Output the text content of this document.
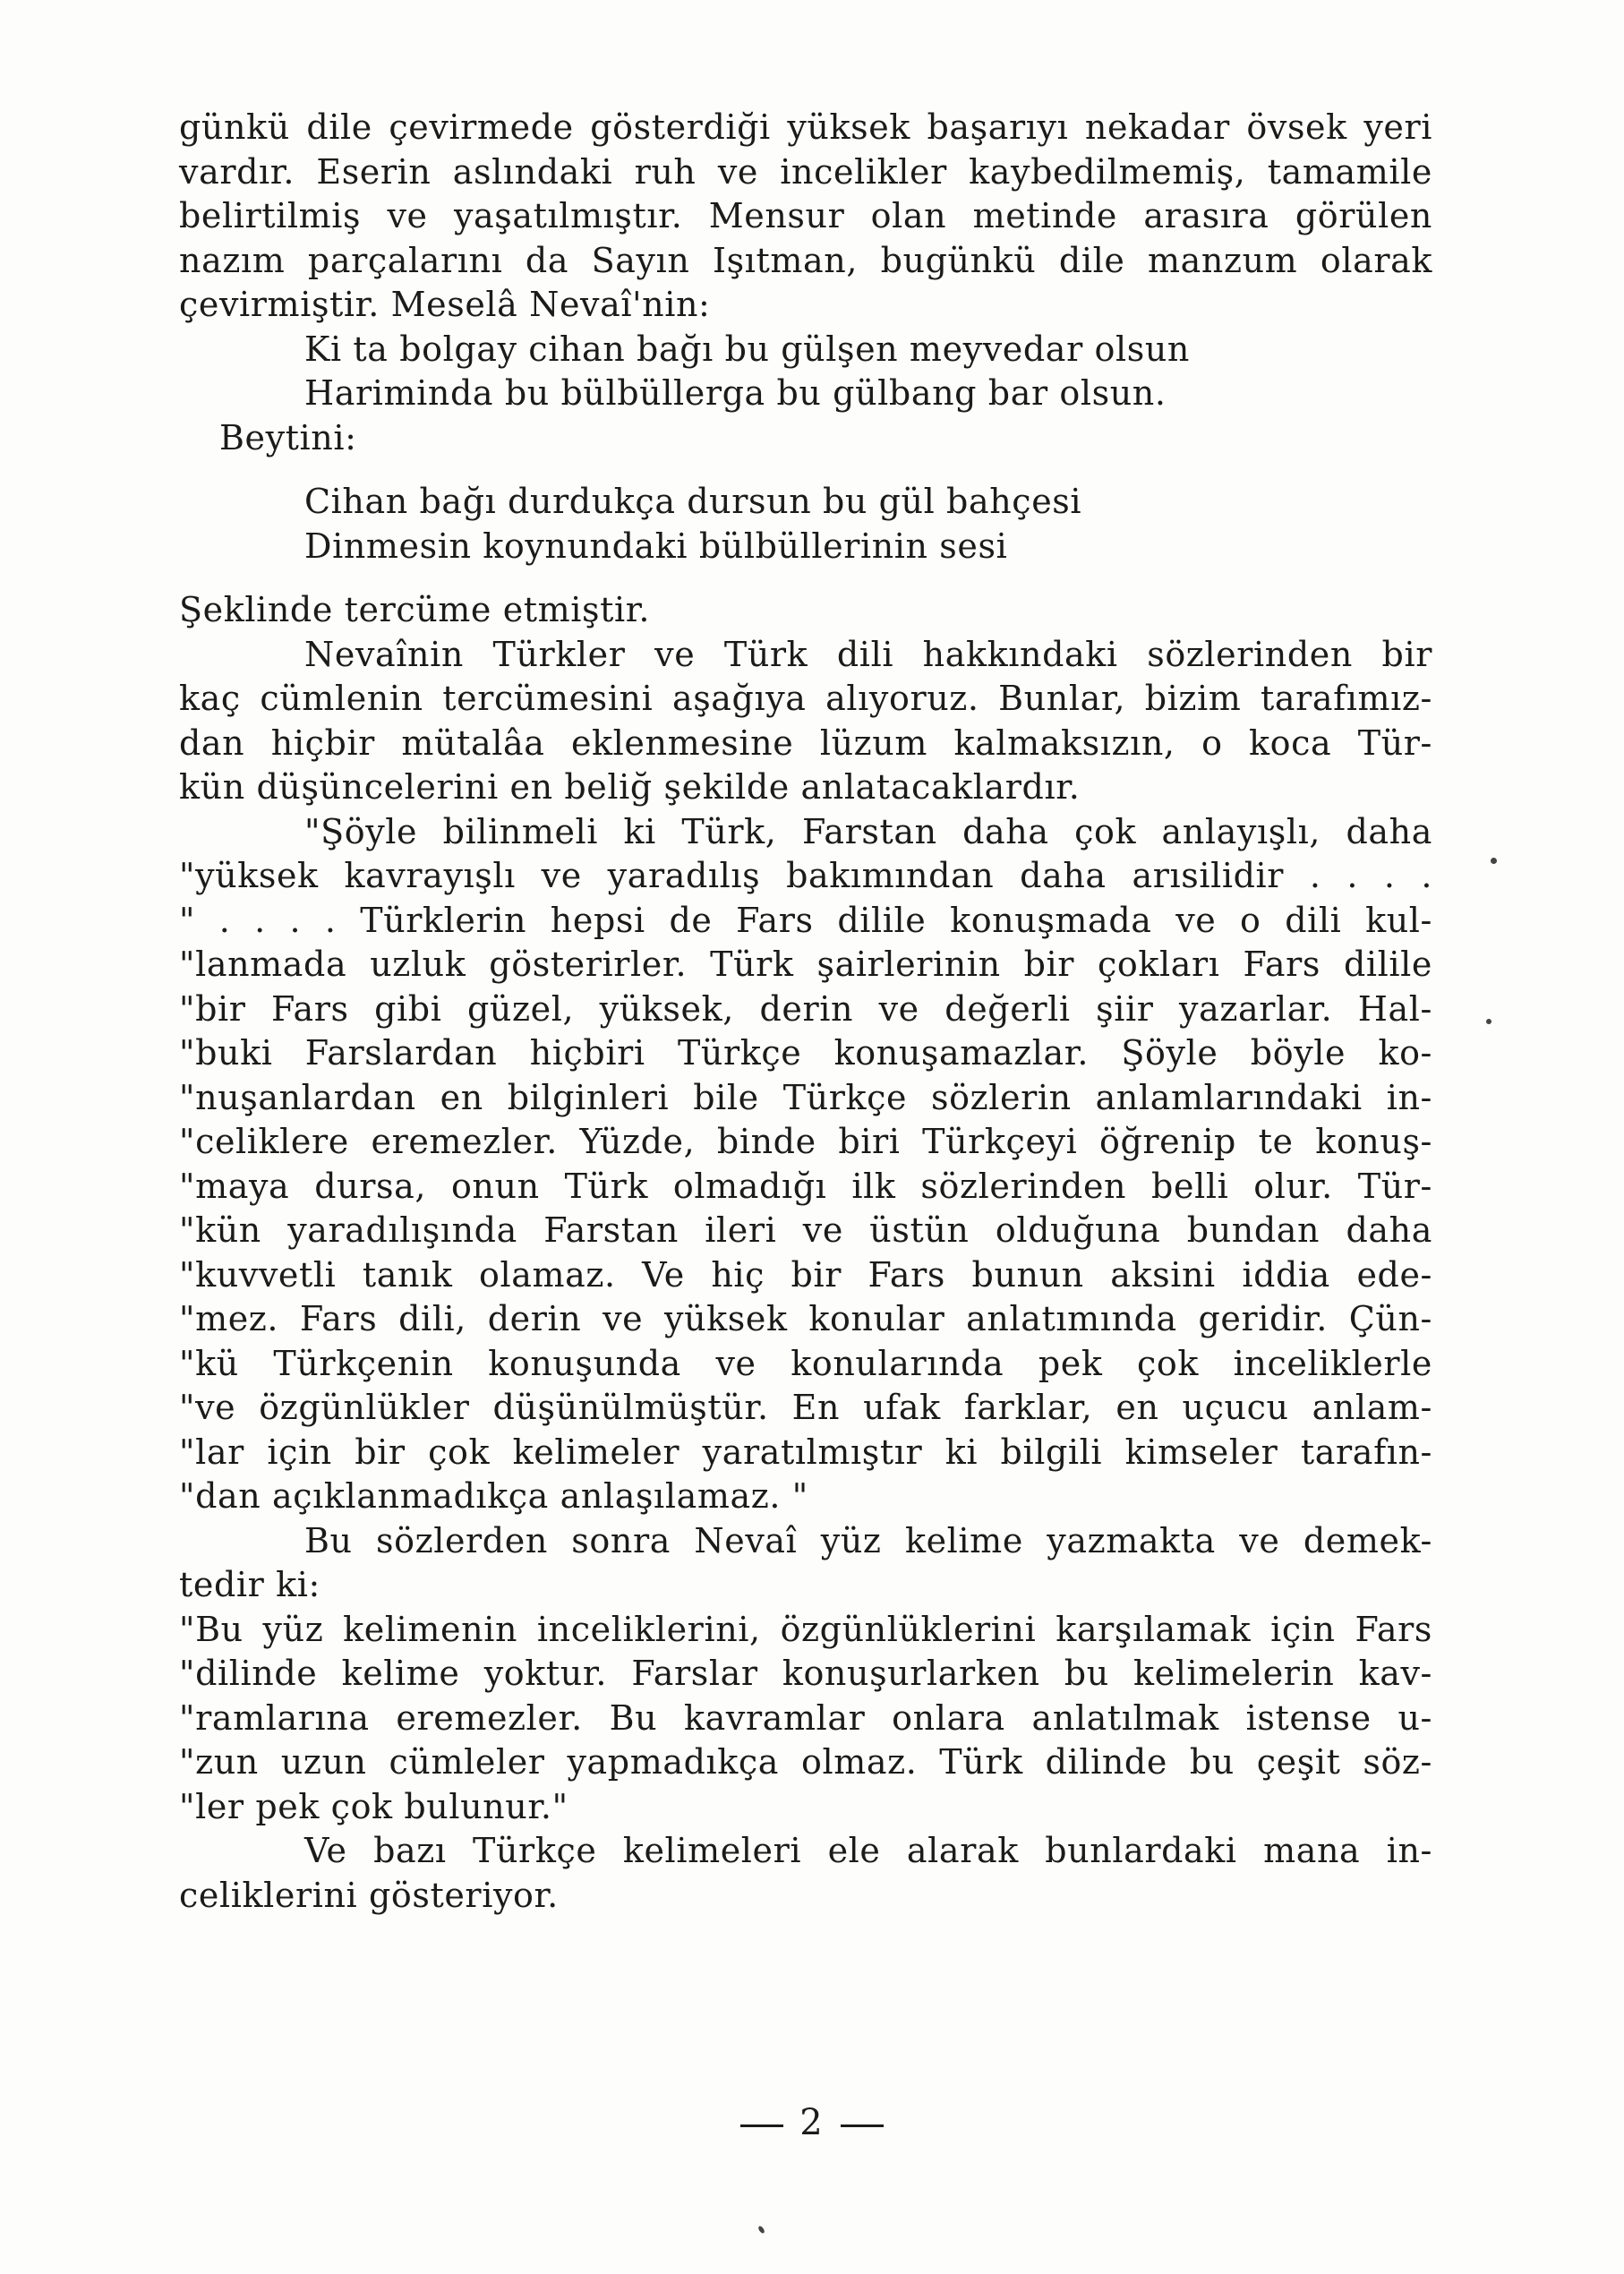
günkü dile çevirmede gösterdiği yüksek başarıyı nekadar övsek yeri
vardır. Eserin aslındaki ruh ve incelikler kaybedilmemiş, tamamile
belirtilmiş ve yaşatılmıştır. Mensur olan metinde arasıra görülen
nazım parçalarını da Sayın Işıtman, bugünkü dile manzum olarak
çevirmiştir. Meselâ Nevaî'nin:
Ki ta bolgay cihan bağı bu gülşen meyvedar olsun
Hariminda bu bülbüllerga bu gülbang bar olsun.
Beytini:
Cihan bağı durdukça dursun bu gül bahçesi
Dinmesin koynundaki bülbüllerinin sesi
Şeklinde tercüme etmiştir.
Nevaînin Türkler ve Türk dili hakkındaki sözlerinden bir
kaç cümlenin tercümesini aşağıya alıyoruz. Bunlar, bizim tarafımız-
dan hiçbir mütalâa eklenmesine lüzum kalmaksızın, o koca Tür-
kün düşüncelerini en beliğ şekilde anlatacaklardır.
"Şöyle bilinmeli ki Türk, Farstan daha çok anlayışlı, daha
"yüksek kavrayışlı ve yaradılış bakımından daha arısilidir . . . .
" . . . . Türklerin hepsi de Fars dilile konuşmada ve o dili kul-
"lanmada uzluk gösterirler. Türk şairlerinin bir çokları Fars dilile
"bir Fars gibi güzel, yüksek, derin ve değerli şiir yazarlar. Hal-
"buki Farslardan hiçbiri Türkçe konuşamazlar. Şöyle böyle ko-
"nuşanlardan en bilginleri bile Türkçe sözlerin anlamlarındaki in-
"celiklere eremezler. Yüzde, binde biri Türkçeyi öğrenip te konuş-
"maya dursa, onun Türk olmadığı ilk sözlerinden belli olur. Tür-
"kün yaradılışında Farstan ileri ve üstün olduğuna bundan daha
"kuvvetli tanık olamaz. Ve hiç bir Fars bunun aksini iddia ede-
"mez. Fars dili, derin ve yüksek konular anlatımında geridir. Çün-
"kü Türkçenin konuşunda ve konularında pek çok inceliklerle
"ve özgünlükler düşünülmüştür. En ufak farklar, en uçucu anlam-
"lar için bir çok kelimeler yaratılmıştır ki bilgili kimseler tarafın-
"dan açıklanmadıkça anlaşılamaz. "
Bu sözlerden sonra Nevaî yüz kelime yazmakta ve demek-
tedir ki:
"Bu yüz kelimenin inceliklerini, özgünlüklerini karşılamak için Fars
"dilinde kelime yoktur. Farslar konuşurlarken bu kelimelerin kav-
"ramlarına eremezler. Bu kavramlar onlara anlatılmak istense u-
"zun uzun cümleler yapmadıkça olmaz. Türk dilinde bu çeşit söz-
"ler pek çok bulunur."
Ve bazı Türkçe kelimeleri ele alarak bunlardaki mana in-
celiklerini gösteriyor.
2
